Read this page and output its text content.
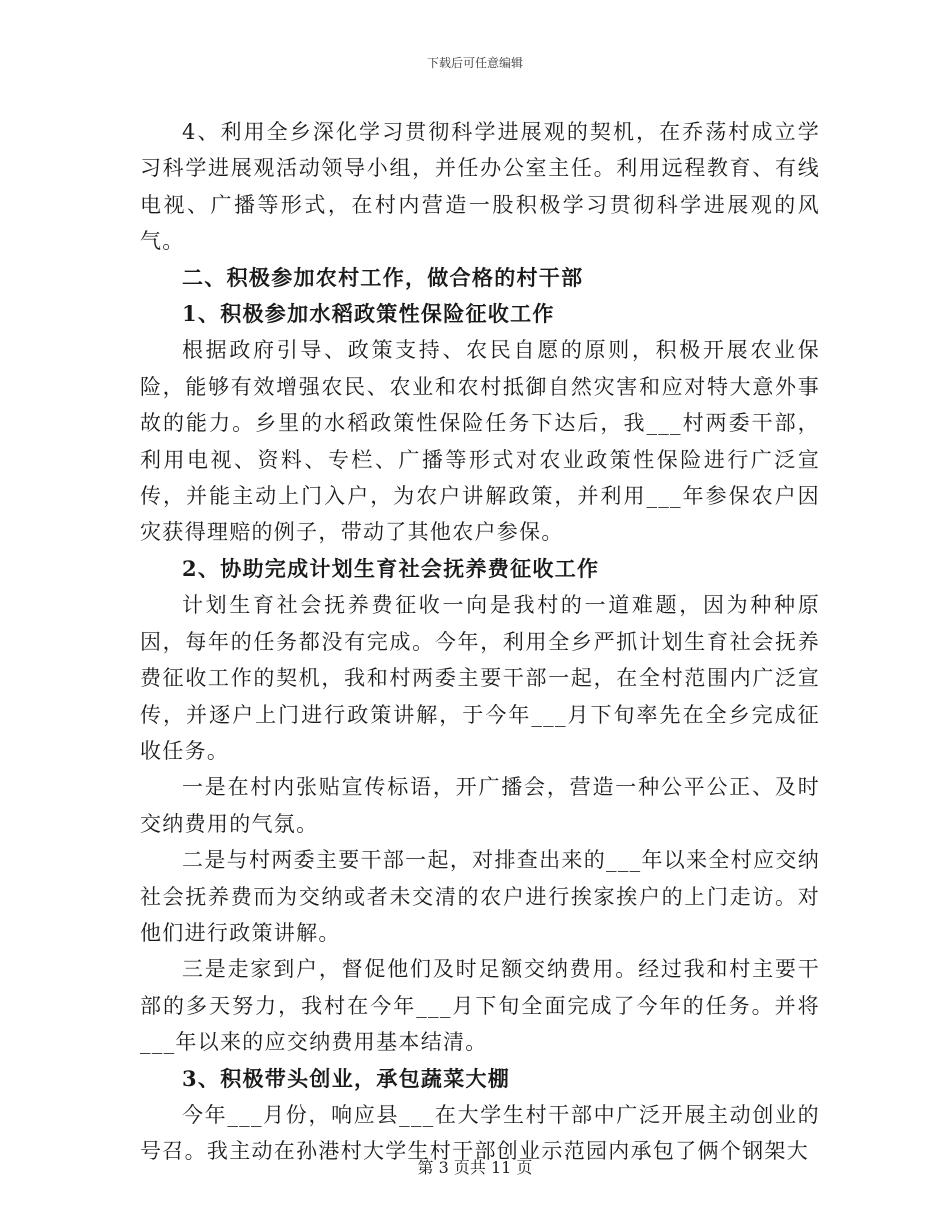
下载后可任意编辑

4、利用全乡深化学习贯彻科学进展观的契机，在乔荡村成立学习科学进展观活动领导小组，并任办公室主任。利用远程教育、有线电视、广播等形式，在村内营造一股积极学习贯彻科学进展观的风气。

二、积极参加农村工作，做合格的村干部

1、积极参加水稻政策性保险征收工作

根据政府引导、政策支持、农民自愿的原则，积极开展农业保险，能够有效增强农民、农业和农村抵御自然灾害和应对特大意外事故的能力。乡里的水稻政策性保险任务下达后，我___村两委干部，利用电视、资料、专栏、广播等形式对农业政策性保险进行广泛宣传，并能主动上门入户，为农户讲解政策，并利用___年参保农户因灾获得理赔的例子，带动了其他农户参保。

2、协助完成计划生育社会抚养费征收工作

计划生育社会抚养费征收一向是我村的一道难题，因为种种原因，每年的任务都没有完成。今年，利用全乡严抓计划生育社会抚养费征收工作的契机，我和村两委主要干部一起，在全村范围内广泛宣传，并逐户上门进行政策讲解，于今年___月下旬率先在全乡完成征收任务。

一是在村内张贴宣传标语，开广播会，营造一种公平公正、及时交纳费用的气氛。

二是与村两委主要干部一起，对排查出来的___年以来全村应交纳社会抚养费而为交纳或者未交清的农户进行挨家挨户的上门走访。对他们进行政策讲解。

三是走家到户，督促他们及时足额交纳费用。经过我和村主要干部的多天努力，我村在今年___月下旬全面完成了今年的任务。并将___年以来的应交纳费用基本结清。

3、积极带头创业，承包蔬菜大棚

今年___月份，响应县___在大学生村干部中广泛开展主动创业的号召。我主动在孙港村大学生村干部创业示范园内承包了俩个钢架大

第 3 页共 11 页
